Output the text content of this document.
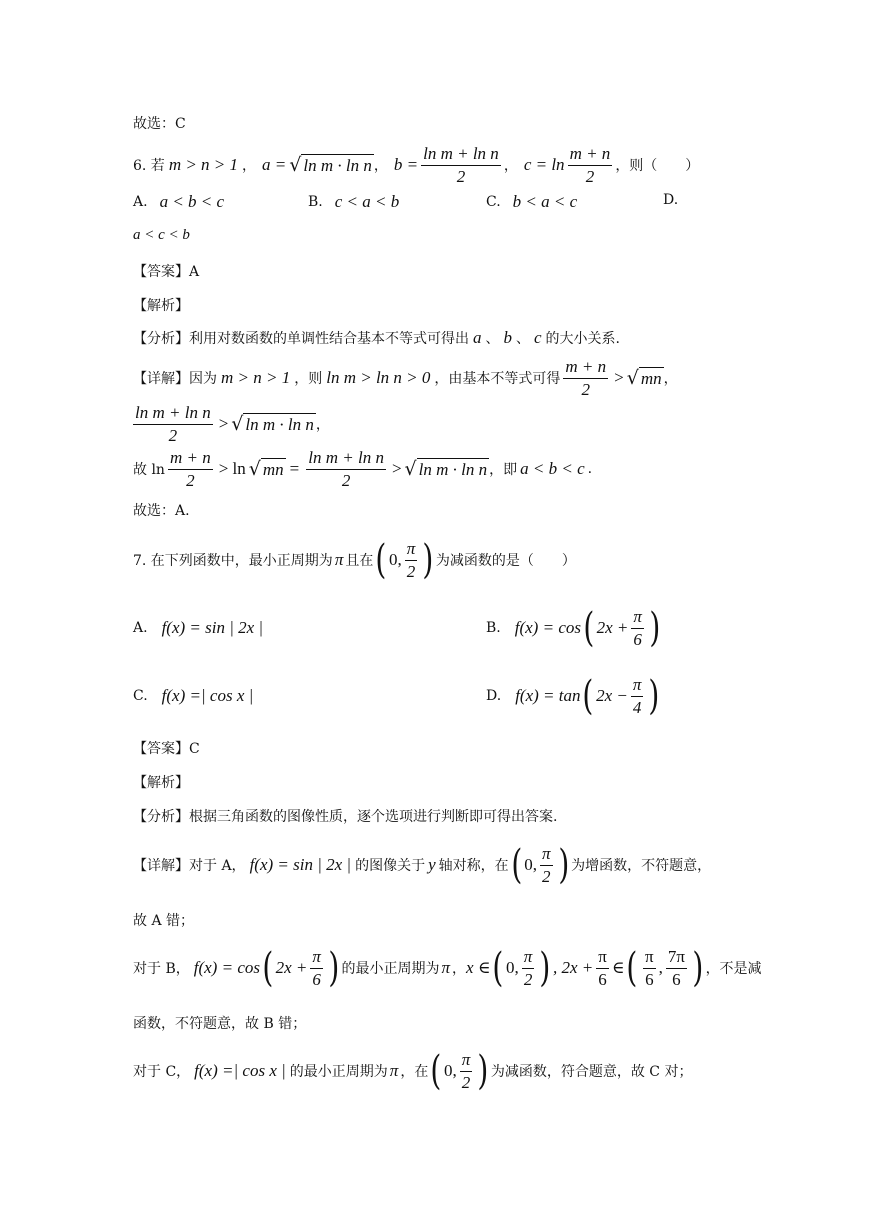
故选：C
6. 若 m > n > 1 ， a = √ ln m · ln n ， $b = \frac{\text{ln m + ln n}}{2}$ ， $c = \ln \frac{m + n}{2}$ ，则（　　）
A. a < b < c	B. c < a < b	C. b < a < c	D.
a < c < b
【答案】A
【解析】
【分析】 利用对数函数的单调性结合基本不等式可得出 a 、 b 、 c 的大小关系.
【详解】 因为 m > n > 1 ，则 ln m > ln n > 0 ，由基本不等式可得 $\frac{m + n}{2}$ > √ mn ，
$\frac{\text{ln m + ln n}}{2}$ > √ ln m · ln n ，
故 $\ln \frac{m + n}{2} > \ln$ √ mn = $\frac{\text{ln m + ln n}}{2}$ > √ ln m · ln n ，即 a < b < c .
故选：A.
7. 在下列函数中，最小正周期为 π 且在 ( 0, $\frac{\pi}{2}$ ) 为减函数的是（　　）
A. f(x) = sin | 2x |	B. f(x) = cos ( $2x + \frac{\pi}{6}$ )
C. f(x) =| cos x |	D. f(x) = tan ( $2x - \frac{\pi}{4}$ )
【答案】C
【解析】
【分析】 根据三角函数的图像性质，逐个选项进行判断即可得出答案.
【详解】 对于 A， f(x) = sin | 2x | 的图像关于 y 轴对称，在 ( 0, $\frac{\pi}{2}$ ) 为增函数，不符题意，
故 A 错；
对于 B， f(x) = cos ( $2x + \frac{\pi}{6}$ ) 的最小正周期为 π ， x ∈ ( 0, $\frac{\pi}{2}$ ) , $2x + \frac{\pi}{6}$ ∈ ( $\frac{\pi}{6}$ , $\frac{7\pi}{6}$ ) ，不是减
函数，不符题意，故 B 错；
对于 C， f(x) =| cos x | 的最小正周期为 π ，在 ( 0, $\frac{\pi}{2}$ ) 为减函数，符合题意，故 C 对；
